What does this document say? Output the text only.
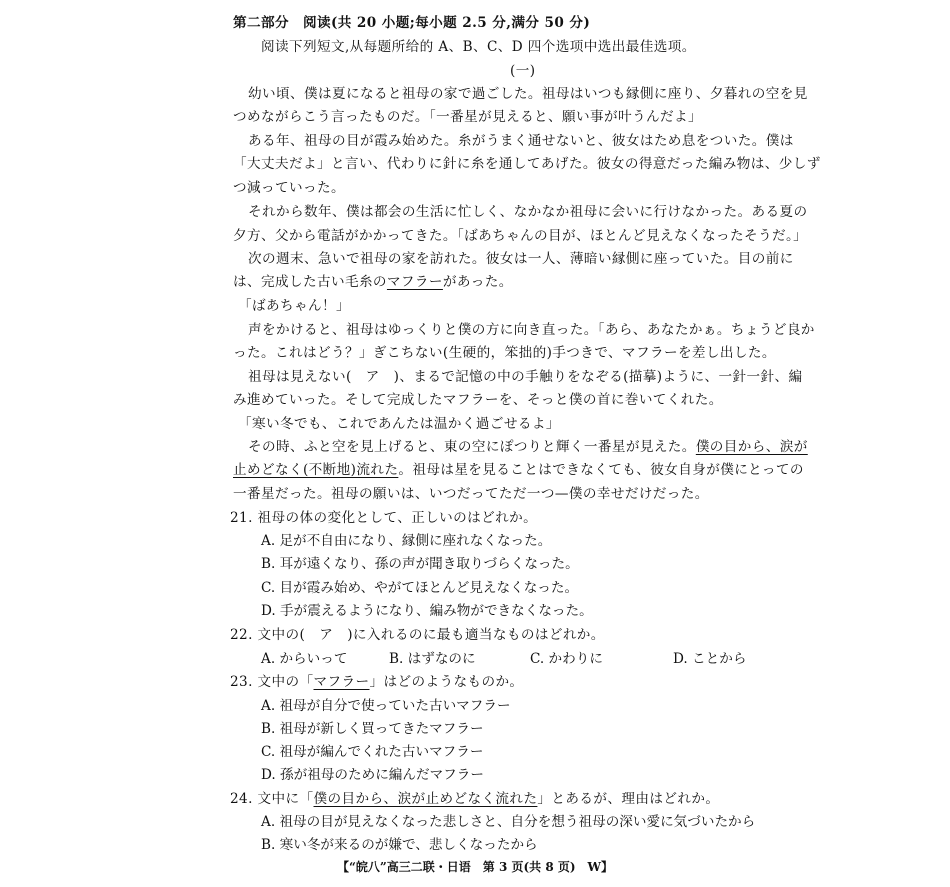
第二部分　阅读(共 20 小题;每小题 2.5 分,满分 50 分)
阅读下列短文,从每题所给的 A、B、C、D 四个选项中选出最佳选项。
(一)
幼い頃、僕は夏になると祖母の家で過ごした。祖母はいつも縁側に座り、夕暮れの空を見
つめながらこう言ったものだ。「一番星が見えると、願い事が叶うんだよ」
ある年、祖母の目が霞み始めた。糸がうまく通せないと、彼女はため息をついた。僕は
「大丈夫だよ」と言い、代わりに針に糸を通してあげた。彼女の得意だった編み物は、少しず
つ減っていった。
それから数年、僕は都会の生活に忙しく、なかなか祖母に会いに行けなかった。ある夏の
夕方、父から電話がかかってきた。「ばあちゃんの目が、ほとんど見えなくなったそうだ。」
次の週末、急いで祖母の家を訪れた。彼女は一人、薄暗い縁側に座っていた。目の前に
は、完成した古い毛糸のマフラーがあった。
「ばあちゃん！」
声をかけると、祖母はゆっくりと僕の方に向き直った。「あら、あなたかぁ。ちょうど良か
った。これはどう？」ぎこちない(生硬的，笨拙的)手つきで、マフラーを差し出した。
祖母は見えない(　ア　)、まるで記憶の中の手触りをなぞる(描摹)ように、一針一針、編
み進めていった。そして完成したマフラーを、そっと僕の首に巻いてくれた。
「寒い冬でも、これであんたは温かく過ごせるよ」
その時、ふと空を見上げると、東の空にぽつりと輝く一番星が見えた。僕の目から、涙が
止めどなく(不断地)流れた。祖母は星を見ることはできなくても、彼女自身が僕にとっての
一番星だった。祖母の願いは、いつだってただ一つ—僕の幸せだけだった。
21. 祖母の体の変化として、正しいのはどれか。
A. 足が不自由になり、縁側に座れなくなった。
B. 耳が遠くなり、孫の声が聞き取りづらくなった。
C. 目が霞み始め、やがてほとんど見えなくなった。
D. 手が震えるようになり、編み物ができなくなった。
22. 文中の(　ア　)に入れるのに最も適当なものはどれか。
A. からいって	B. はずなのに	C. かわりに	D. ことから
23. 文中の「マフラー」はどのようなものか。
A. 祖母が自分で使っていた古いマフラー
B. 祖母が新しく買ってきたマフラー
C. 祖母が編んでくれた古いマフラー
D. 孫が祖母のために編んだマフラー
24. 文中に「僕の目から、涙が止めどなく流れた」とあるが、理由はどれか。
A. 祖母の目が見えなくなった悲しさと、自分を想う祖母の深い愛に気づいたから
B. 寒い冬が来るのが嫌で、悲しくなったから
【“皖八”高三二联・日语　第 3 页(共 8 页)　W】
